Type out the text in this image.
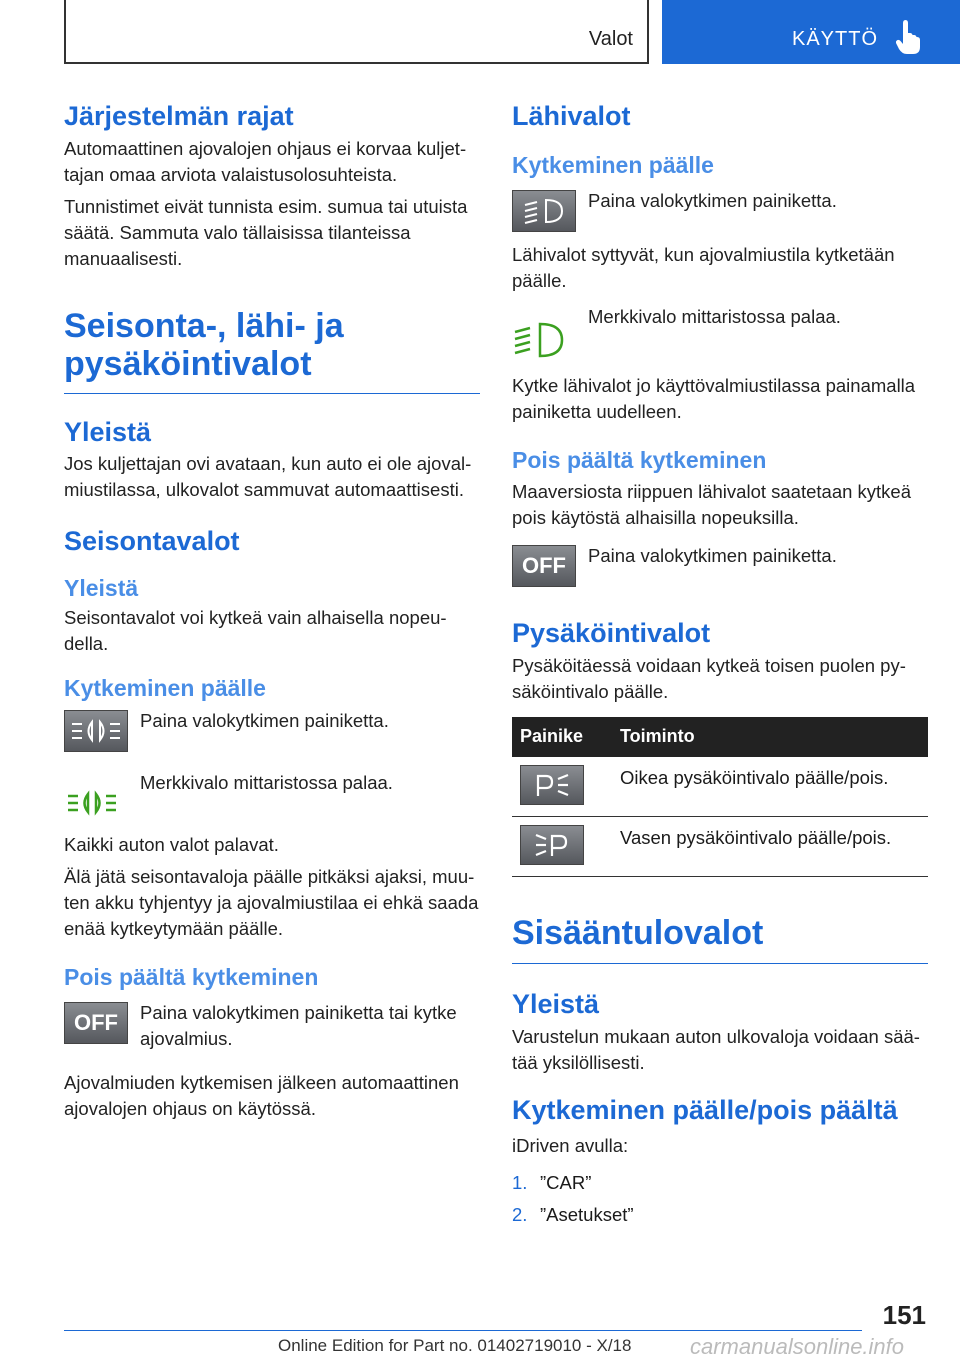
Valot	KÄYTTÖ
Järjestelmän rajat
Automaattinen ajovalojen ohjaus ei korvaa kuljet-tajan omaa arviota valaistusolosuhteista.
Tunnistimet eivät tunnista esim. sumua tai utuista säätä. Sammuta valo tällaisissa tilanteissa manuaalisesti.
Seisonta-, lähi- ja pysäköintivalot
Yleistä
Jos kuljettajan ovi avataan, kun auto ei ole ajoval-miustilassa, ulkovalot sammuvat automaattisesti.
Seisontavalot
Yleistä
Seisontavalot voi kytkeä vain alhaisella nopeu-della.
Kytkeminen päälle
Paina valokytkimen painiketta.
Merkkivalo mittaristossa palaa.
Kaikki auton valot palavat.
Älä jätä seisontavaloja päälle pitkäksi ajaksi, muu-ten akku tyhjentyy ja ajovalmiustilaa ei ehkä saada enää kytkeytymään päälle.
Pois päältä kytkeminen
OFF	Paina valokytkimen painiketta tai kytke ajovalmius.
Ajovalmiuden kytkemisen jälkeen automaattinen ajovalojen ohjaus on käytössä.
Lähivalot
Kytkeminen päälle
Paina valokytkimen painiketta.
Lähivalot syttyvät, kun ajovalmiustila kytketään päälle.
Merkkivalo mittaristossa palaa.
Kytke lähivalot jo käyttövalmiustilassa painamalla painiketta uudelleen.
Pois päältä kytkeminen
Maaversiosta riippuen lähivalot saatetaan kytkeä pois käytöstä alhaisilla nopeuksilla.
OFF	Paina valokytkimen painiketta.
Pysäköintivalot
Pysäköitäessä voidaan kytkeä toisen puolen py-säköintivalo päälle.
Painike	Toiminto

	Oikea pysäköintivalo päälle/pois.

	Vasen pysäköintivalo päälle/pois.
Sisääntulovalot
Yleistä
Varustelun mukaan auton ulkovaloja voidaan sää-tää yksilöllisesti.
Kytkeminen päälle/pois päältä
iDriven avulla:
1. ”CAR”
2. ”Asetukset”
151
Online Edition for Part no. 01402719010 - X/18	carmanualsonline.info
